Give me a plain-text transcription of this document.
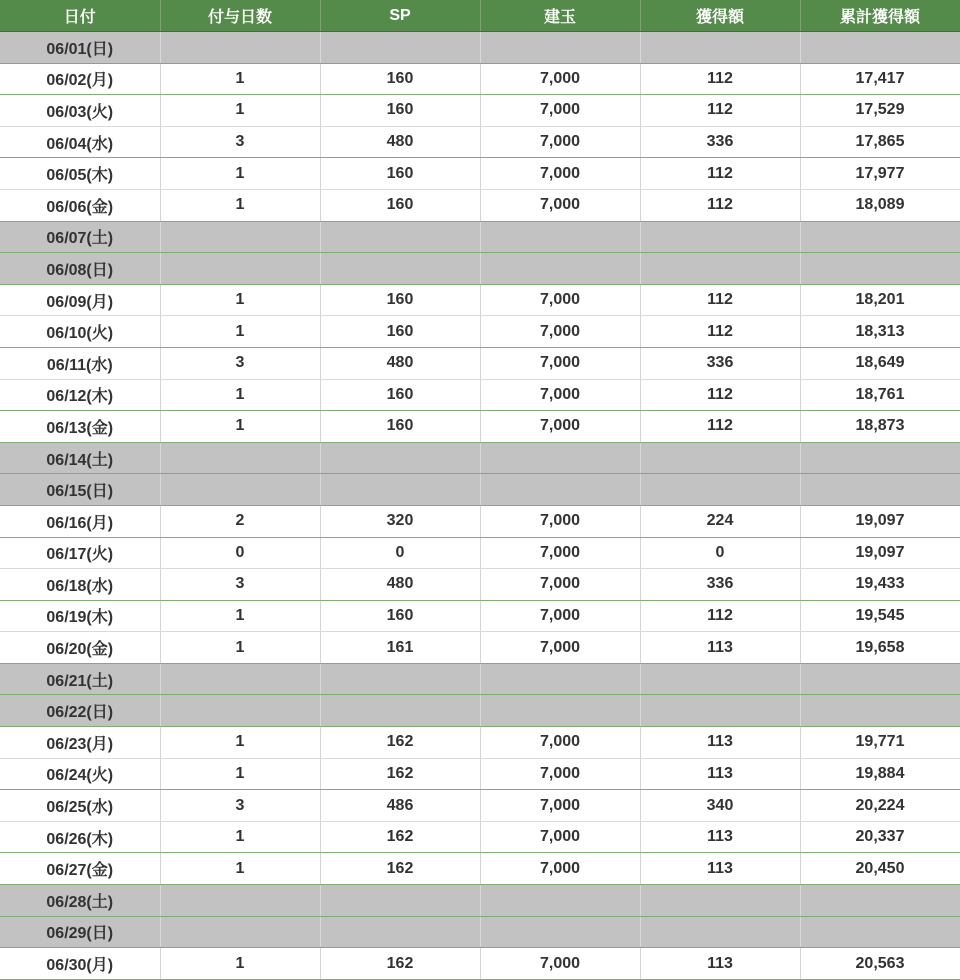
日付	付与日数	SP	建玉	獲得額	累計獲得額
06/01(日)					
06/02(月)	1	160	7,000	112	17,417
06/03(火)	1	160	7,000	112	17,529
06/04(水)	3	480	7,000	336	17,865
06/05(木)	1	160	7,000	112	17,977
06/06(金)	1	160	7,000	112	18,089
06/07(土)					
06/08(日)					
06/09(月)	1	160	7,000	112	18,201
06/10(火)	1	160	7,000	112	18,313
06/11(水)	3	480	7,000	336	18,649
06/12(木)	1	160	7,000	112	18,761
06/13(金)	1	160	7,000	112	18,873
06/14(土)					
06/15(日)					
06/16(月)	2	320	7,000	224	19,097
06/17(火)	0	0	7,000	0	19,097
06/18(水)	3	480	7,000	336	19,433
06/19(木)	1	160	7,000	112	19,545
06/20(金)	1	161	7,000	113	19,658
06/21(土)					
06/22(日)					
06/23(月)	1	162	7,000	113	19,771
06/24(火)	1	162	7,000	113	19,884
06/25(水)	3	486	7,000	340	20,224
06/26(木)	1	162	7,000	113	20,337
06/27(金)	1	162	7,000	113	20,450
06/28(土)					
06/29(日)					
06/30(月)	1	162	7,000	113	20,563
